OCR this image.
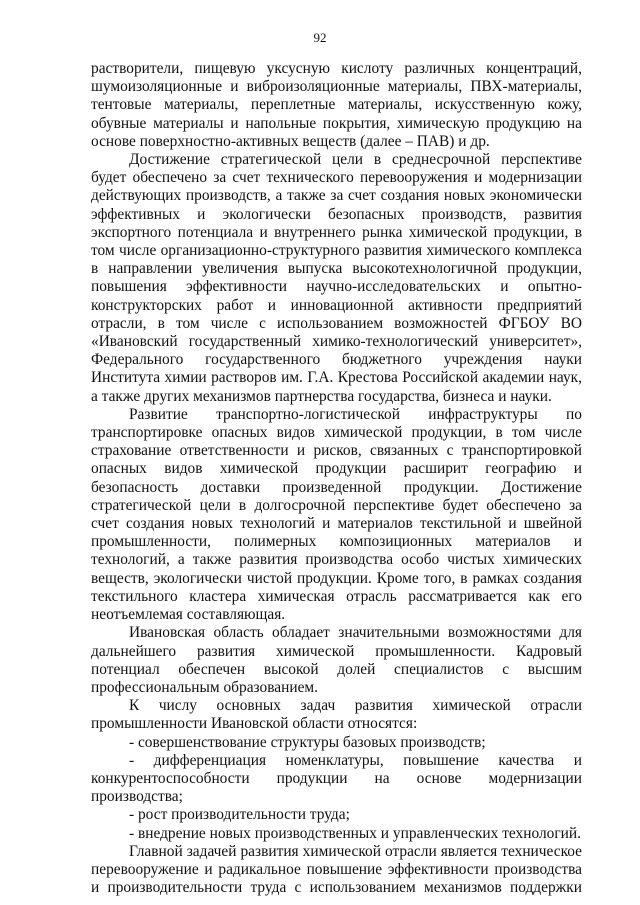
92

растворители, пищевую уксусную кислоту различных концентраций, шумоизоляционные и виброизоляционные материалы, ПВХ-материалы, тентовые материалы, переплетные материалы, искусственную кожу, обувные материалы и напольные покрытия, химическую продукцию на основе поверхностно-активных веществ (далее – ПАВ) и др.

Достижение стратегической цели в среднесрочной перспективе будет обеспечено за счет технического перевооружения и модернизации действующих производств, а также за счет создания новых экономически эффективных и экологически безопасных производств, развития экспортного потенциала и внутреннего рынка химической продукции, в том числе организационно-структурного развития химического комплекса в направлении увеличения выпуска высокотехнологичной продукции, повышения эффективности научно-исследовательских и опытно-конструкторских работ и инновационной активности предприятий отрасли, в том числе с использованием возможностей ФГБОУ ВО «Ивановский государственный химико-технологический университет», Федерального государственного бюджетного учреждения науки Института химии растворов им. Г.А. Крестова Российской академии наук, а также других механизмов партнерства государства, бизнеса и науки.

Развитие транспортно-логистической инфраструктуры по транспортировке опасных видов химической продукции, в том числе страхование ответственности и рисков, связанных с транспортировкой опасных видов химической продукции расширит географию и безопасность доставки произведенной продукции. Достижение стратегической цели в долгосрочной перспективе будет обеспечено за счет создания новых технологий и материалов текстильной и швейной промышленности, полимерных композиционных материалов и технологий, а также развития производства особо чистых химических веществ, экологически чистой продукции. Кроме того, в рамках создания текстильного кластера химическая отрасль рассматривается как его неотъемлемая составляющая.

Ивановская область обладает значительными возможностями для дальнейшего развития химической промышленности. Кадровый потенциал обеспечен высокой долей специалистов с высшим профессиональным образованием.

К числу основных задач развития химической отрасли промышленности Ивановской области относятся:

- совершенствование структуры базовых производств;

- дифференциация номенклатуры, повышение качества и конкурентоспособности продукции на основе модернизации производства;

- рост производительности труда;

- внедрение новых производственных и управленческих технологий.

Главной задачей развития химической отрасли является техническое перевооружение и радикальное повышение эффективности производства и производительности труда с использованием механизмов поддержки
